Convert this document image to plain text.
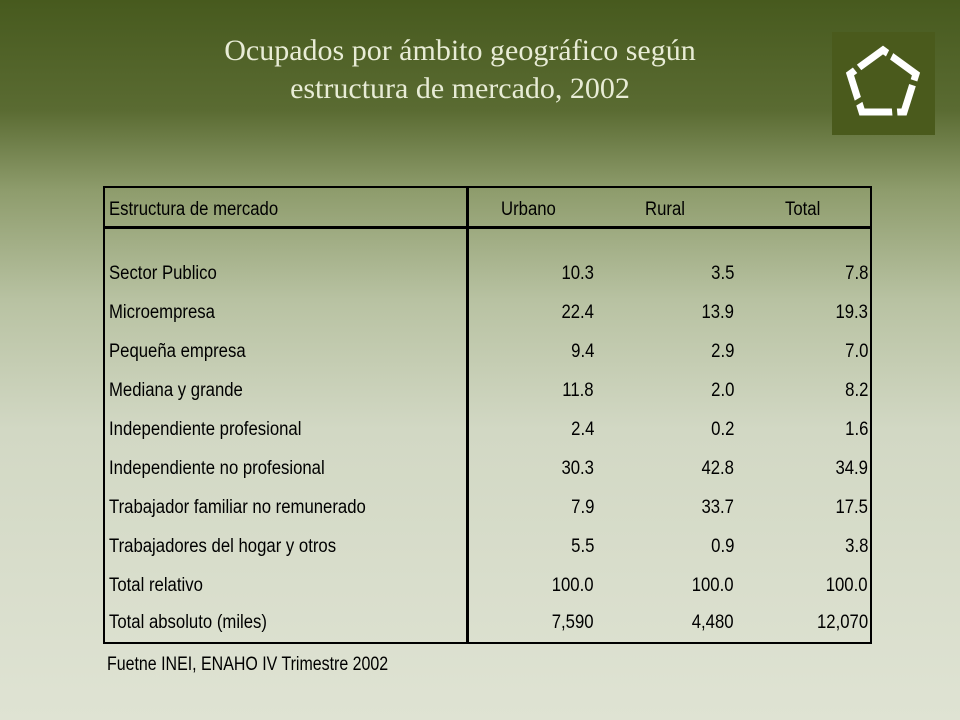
Ocupados por ámbito geográfico según
estructura de mercado, 2002
Estructura de mercado	Urbano	Rural	Total
Sector Publico	10.3	3.5	7.8
Microempresa	22.4	13.9	19.3
Pequeña empresa	9.4	2.9	7.0
Mediana y grande	11.8	2.0	8.2
Independiente profesional	2.4	0.2	1.6
Independiente no profesional	30.3	42.8	34.9
Trabajador familiar no remunerado	7.9	33.7	17.5
Trabajadores del hogar y otros	5.5	0.9	3.8
Total relativo	100.0	100.0	100.0
Total absoluto (miles)	7,590	4,480	12,070
Fuetne INEI, ENAHO IV Trimestre 2002
